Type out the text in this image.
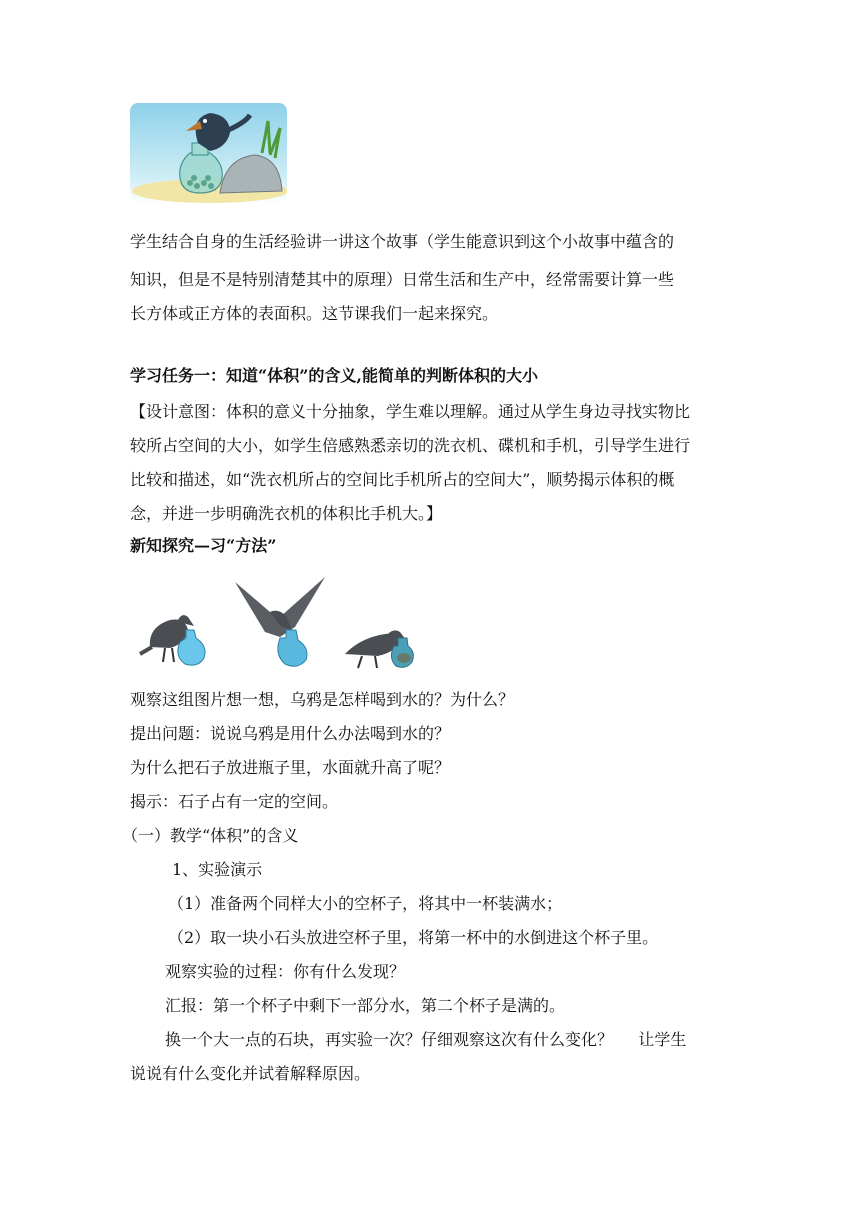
学生结合自身的生活经验讲一讲这个故事（学生能意识到这个小故事中蕴含的
知识，但是不是特别清楚其中的原理）日常生活和生产中，经常需要计算一些
长方体或正方体的表面积。这节课我们一起来探究。
学习任务一：知道“体积”的含义,能简单的判断体积的大小
【设计意图：体积的意义十分抽象，学生难以理解。通过从学生身边寻找实物比
较所占空间的大小，如学生倍感熟悉亲切的洗衣机、碟机和手机，引导学生进行
比较和描述，如“洗衣机所占的空间比手机所占的空间大”，顺势揭示体积的概
念，并进一步明确洗衣机的体积比手机大。】
新知探究—习“方法”
观察这组图片想一想，乌鸦是怎样喝到水的？为什么？
提出问题：说说乌鸦是用什么办法喝到水的？
为什么把石子放进瓶子里，水面就升高了呢？
揭示：石子占有一定的空间。
（一）教学“体积”的含义
1、实验演示
（1）准备两个同样大小的空杯子，将其中一杯装满水；
（2）取一块小石头放进空杯子里，将第一杯中的水倒进这个杯子里。
观察实验的过程：你有什么发现？
汇报：第一个杯子中剩下一部分水，第二个杯子是满的。
换一个大一点的石块，再实验一次？仔细观察这次有什么变化？     让学生
说说有什么变化并试着解释原因。
